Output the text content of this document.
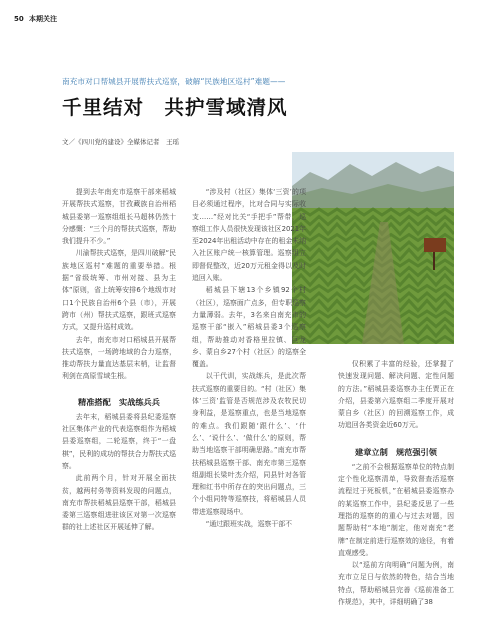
50 本期关注
南充市对口帮城县开展帮扶式巡察，破解“民族地区巡村”难题——
千里结对　共护雪域清风
文／《四川党的建设》全媒体记者　王瑶

提到去年南充市巡察干部来稻城开展帮扶式巡察，甘孜藏族自治州稻城县委第一巡察组组长马超林仍然十分感慨：“三个月的帮扶式巡察，帮助我们提升不少。”

川渝帮扶式巡察，是四川破解“民族地区巡村”难题的重要举措。根据“省级统筹、市州对接、县为主体”原则，省上统筹安排6个地级市对口1个民族自治州6个县（市），开展跨市（州）帮扶式巡察，跟班式巡察方式，又提升巡村成效。

去年，南充市对口稻城县开展帮扶式巡察，一场跨地域的合力巡察，推动帮扶力量直达基层末梢，让监督利剑在高原雪域生根。

精准搭配　实战练兵兵

去年末，稻城县委将县纪委巡察社区集体产业的代表巡察组作为稻城县委巡察组，二轮巡察，终于“一盘棋”，民利的成功的帮扶合力帮扶式巡察。

此前两个月，针对开展全面扶贫，越两村务等资料发现的问题点，南充市帮扶稻城县巡察干部，稻城县委第三巡察组进驻该区对第一次巡察群的社上述社区开展延伸了解。

“涉及村（社区）集体‘三资’的项目必须通过程序，比对合同与实际收支……”经对比关“手把手”帮带，巡察组工作人员很快发现该社区2021年至2024年出租活动中存在的租金未纳入社区账户统一核算管理。巡察组立即督促整改，近20万元租金得以及时追回入账。

稻城县下辖13个乡镇92个村（社区），巡察面广点多，但专职巡察力量薄弱。去年，3名来自南充市的巡察干部“嵌入”稻城县委3个巡察组，帮助推动对香格里拉镇、巨龙乡、蒙自乡27个村（社区）的巡察全覆盖。

以干代训，实战练兵，是此次帮扶式巡察的重要目的。“村（社区）集体‘三资’监管是否规范涉及农牧民切身利益，是巡察重点，也是当地巡察的难点。我们跟随‘跟什么’、‘什么’、‘说什么’、‘做什么’的原则，帮助当地巡察干部明确思路。”南充市帮扶稻城县巡察干部、南充市第三巡察组副组长梁叶杰介绍，同县针对各管理和红书中所存在的突出问题点，三个小组同特等巡察技，将稻城县人员带进巡察现场中。

“通过跟班实战，巡察干部不

仅积累了丰富的经验，还掌握了快速发现问题、解决问题、定性问题的方法。”稻城县委巡察办主任贾正在介绍，县委第六巡察组二季度开展对蒙自乡（社区）的回溯巡察工作，成功追回各类资金近60万元。

建章立制　规范强引领

“之前不会根据巡察单位的特点制定个性化巡察清单，导致督查活巡察流程过于死板机，”在稻城县委巡察办的某巡察工作中，县纪委反思了一些理指的巡察的的重心与过去对题，因题帮助村“本地”制定，他对南充“老牌”在制定前进行巡察效的途径，有着直观感受。

以“巡前方向明确”问题为例，南充市立足日与依然的特色，结合当地特点，帮助稻城县完善《巡前准备工作规范》，其中，详细明确了38
